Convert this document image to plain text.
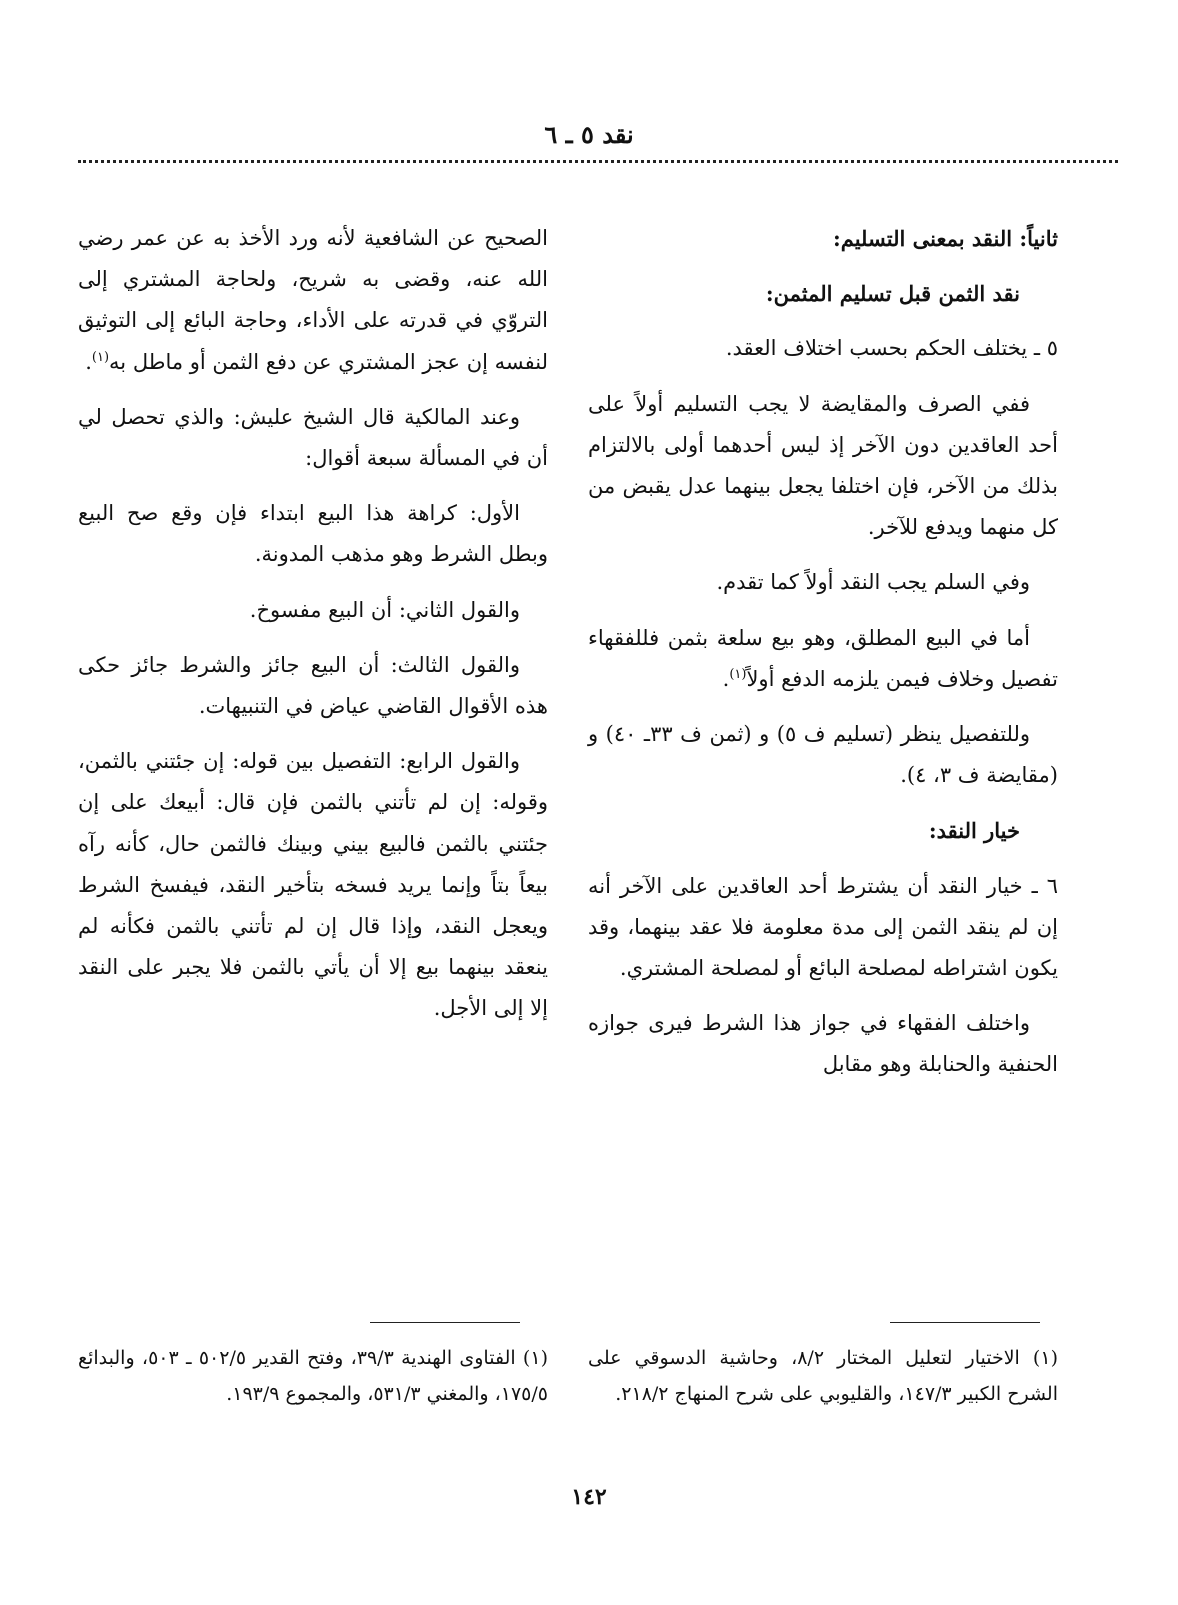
نقد ٥ ـ ٦

ثانياً: النقد بمعنى التسليم:

نقد الثمن قبل تسليم المثمن:

٥ ـ يختلف الحكم بحسب اختلاف العقد.

ففي الصرف والمقايضة لا يجب التسليم أولاً على أحد العاقدين دون الآخر إذ ليس أحدهما أولى بالالتزام بذلك من الآخر، فإن اختلفا يجعل بينهما عدل يقبض من كل منهما ويدفع للآخر.

وفي السلم يجب النقد أولاً كما تقدم.

أما في البيع المطلق، وهو بيع سلعة بثمن فللفقهاء تفصيل وخلاف فيمن يلزمه الدفع أولاً$^{(١)}$.

وللتفصيل ينظر (تسليم ف ٥) و (ثمن ف ٣٣ـ ٤٠) و (مقايضة ف ٣، ٤).

خيار النقد:

٦ ـ خيار النقد أن يشترط أحد العاقدين على الآخر أنه إن لم ينقد الثمن إلى مدة معلومة فلا عقد بينهما، وقد يكون اشتراطه لمصلحة البائع أو لمصلحة المشتري.

واختلف الفقهاء في جواز هذا الشرط فيرى جوازه الحنفية والحنابلة وهو مقابل

الصحيح عن الشافعية لأنه ورد الأخذ به عن عمر رضي الله عنه، وقضى به شريح، ولحاجة المشتري إلى التروّي في قدرته على الأداء، وحاجة البائع إلى التوثيق لنفسه إن عجز المشتري عن دفع الثمن أو ماطل به$^{(١)}$.

وعند المالكية قال الشيخ عليش: والذي تحصل لي أن في المسألة سبعة أقوال:

الأول: كراهة هذا البيع ابتداء فإن وقع صح البيع وبطل الشرط وهو مذهب المدونة.

والقول الثاني: أن البيع مفسوخ.

والقول الثالث: أن البيع جائز والشرط جائز حكى هذه الأقوال القاضي عياض في التنبيهات.

والقول الرابع: التفصيل بين قوله: إن جئتني بالثمن، وقوله: إن لم تأتني بالثمن فإن قال: أبيعك على إن جئتني بالثمن فالبيع بيني وبينك فالثمن حال، كأنه رآه بيعاً بتاً وإنما يريد فسخه بتأخير النقد، فيفسخ الشرط ويعجل النقد، وإذا قال إن لم تأتني بالثمن فكأنه لم ينعقد بينهما بيع إلا أن يأتي بالثمن فلا يجبر على النقد إلا إلى الأجل.

(١) الاختيار لتعليل المختار ٨/٢، وحاشية الدسوقي على الشرح الكبير ١٤٧/٣، والقليوبي على شرح المنهاج ٢١٨/٢.

(١) الفتاوى الهندية ٣٩/٣، وفتح القدير ٥٠٢/٥ ـ ٥٠٣، والبدائع ١٧٥/٥، والمغني ٥٣١/٣، والمجموع ١٩٣/٩.

١٤٢
